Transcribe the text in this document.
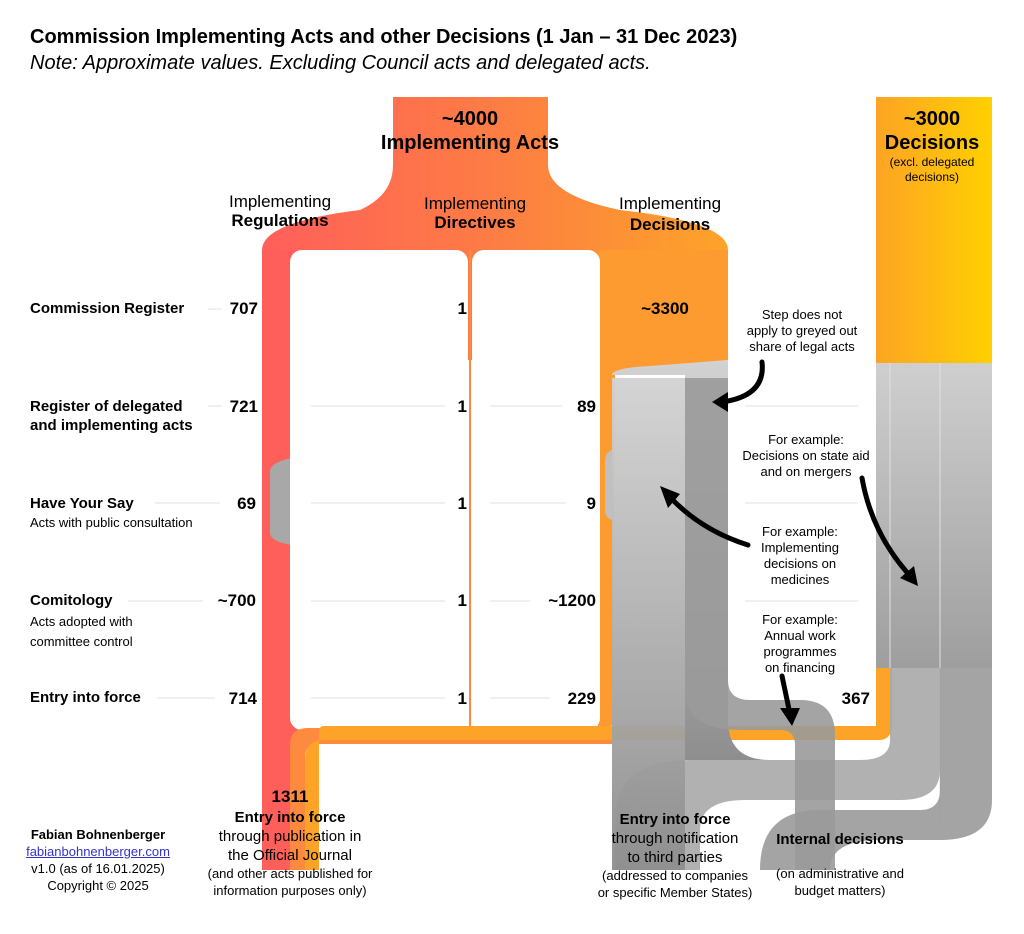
Commission Implementing Acts and other Decisions (1 Jan – 31 Dec 2023)
Note: Approximate values. Excluding Council acts and delegated acts.
~4000
Implementing Acts
~3000
Decisions
(excl. delegated
decisions)
Implementing
Regulations
Implementing
Directives
Implementing
Decisions
Commission Register
Register of delegated
and implementing acts
Have Your Say
Acts with public consultation
Comitology
Acts adopted with
committee control
Entry into force
707
721
69
~700
714
1
1
1
1
1
~3300
89
9
~1200
229	367
Step does not
apply to greyed out
share of legal acts
For example:
Decisions on state aid
and on mergers
For example:
Implementing
decisions on
medicines
For example:
Annual work
programmes
on financing
1311
Entry into force
through publication in
the Official Journal
(and other acts published for
information purposes only)
Entry into force
through notification
to third parties
(addressed to companies
or specific Member States)
Internal decisions
(on administrative and
budget matters)
Fabian Bohnenberger
fabianbohnenberger.com
v1.0 (as of 16.01.2025)
Copyright © 2025
